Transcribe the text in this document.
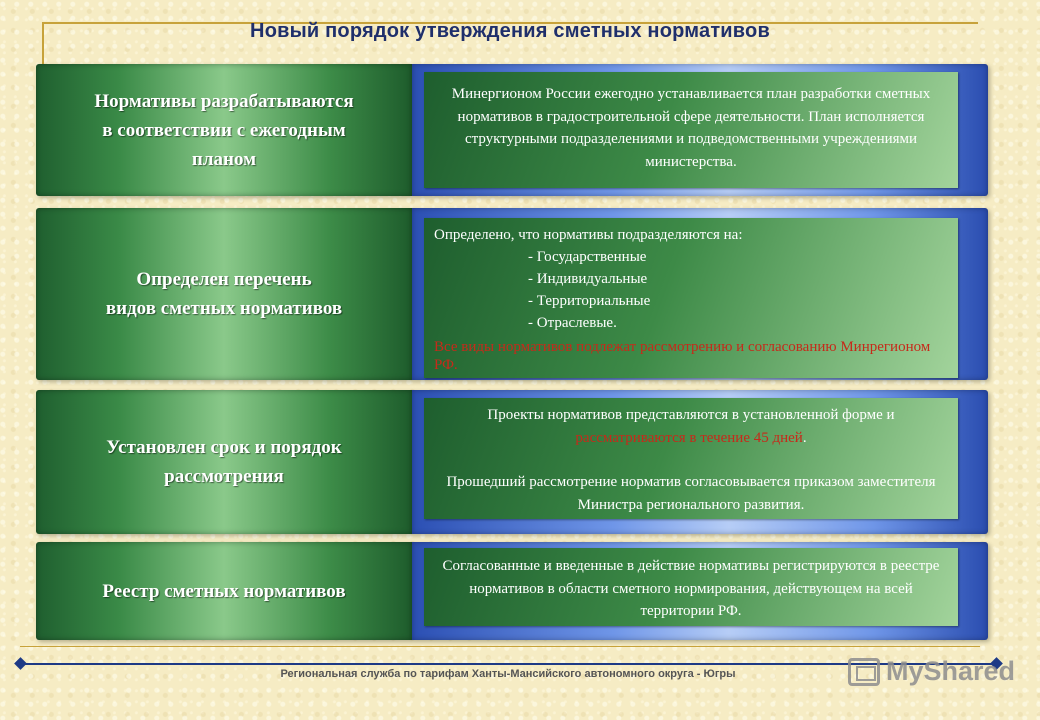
Новый порядок утверждения сметных нормативов
Нормативы разрабатываются
в соответствии с ежегодным
планом
Минергионом России ежегодно устанавливается план разработки сметных нормативов в градостроительной сфере деятельности. План исполняется структурными подразделениями и подведомственными учреждениями министерства.
Определен перечень
видов сметных нормативов
Определено, что нормативы подразделяются на:
- Государственные
- Индивидуальные
- Территориальные
- Отраслевые.
Все виды нормативов подлежат рассмотрению и согласованию Минрегионом РФ.
Установлен срок и порядок
рассмотрения
Проекты нормативов представляются в установленной форме и
рассматриваются в течение 45 дней.
Прошедший рассмотрение норматив согласовывается приказом заместителя Министра регионального развития.
Реестр сметных нормативов
Согласованные и введенные в действие нормативы регистрируются в реестре нормативов в области сметного нормирования, действующем на всей территории РФ.
Региональная служба по тарифам Ханты-Мансийского автономного округа - Югры	MyShared
